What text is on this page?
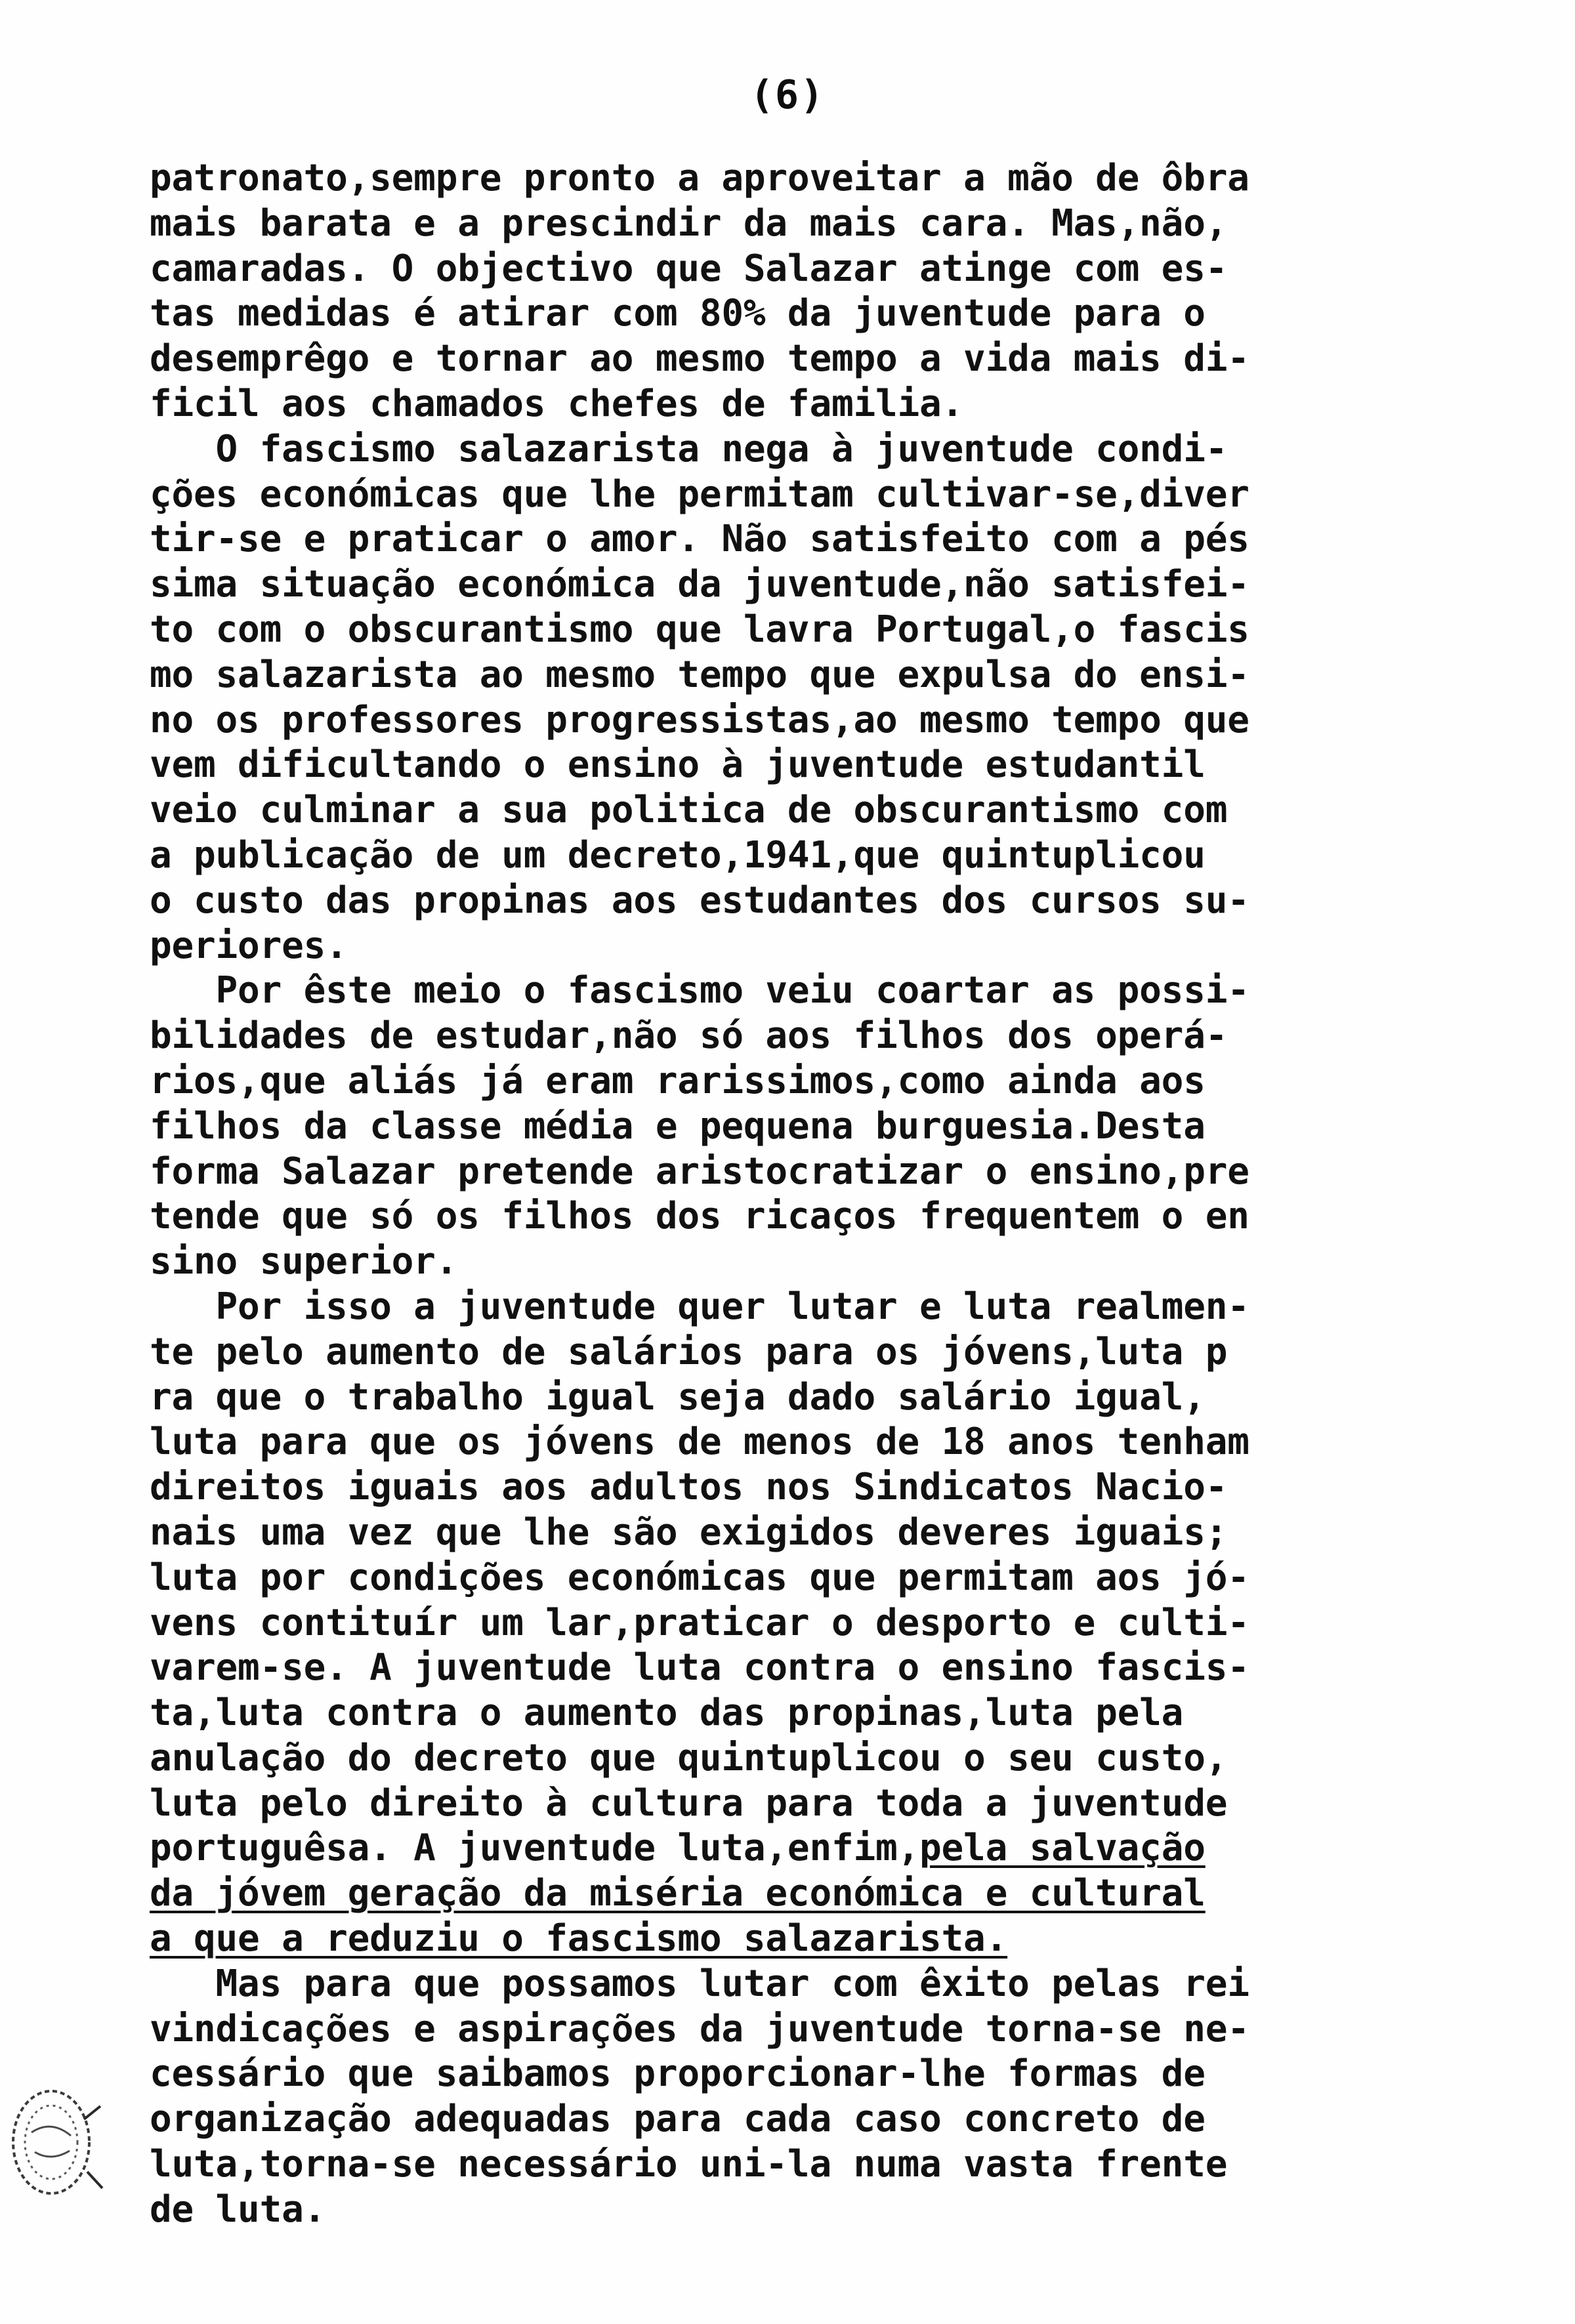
(6)
patronato,sempre pronto a aproveitar a mão de ôbra
mais barata e a prescindir da mais cara. Mas,não,
camaradas. O objectivo que Salazar atinge com es-
tas medidas é atirar com 80% da juventude para o
desemprêgo e tornar ao mesmo tempo a vida mais di-
ficil aos chamados chefes de familia.
O fascismo salazarista nega à juventude condi-
ções económicas que lhe permitam cultivar-se,diver
tir-se e praticar o amor. Não satisfeito com a pés
sima situação económica da juventude,não satisfei-
to com o obscurantismo que lavra Portugal,o fascis
mo salazarista ao mesmo tempo que expulsa do ensi-
no os professores progressistas,ao mesmo tempo que
vem dificultando o ensino à juventude estudantil
veio culminar a sua politica de obscurantismo com
a publicação de um decreto,1941,que quintuplicou
o custo das propinas aos estudantes dos cursos su-
periores.
Por êste meio o fascismo veiu coartar as possi-
bilidades de estudar,não só aos filhos dos operá-
rios,que aliás já eram rarissimos,como ainda aos
filhos da classe média e pequena burguesia.Desta
forma Salazar pretende aristocratizar o ensino,pre
tende que só os filhos dos ricaços frequentem o en
sino superior.
Por isso a juventude quer lutar e luta realmen-
te pelo aumento de salários para os jóvens,luta p
ra que o trabalho igual seja dado salário igual,
luta para que os jóvens de menos de 18 anos tenham
direitos iguais aos adultos nos Sindicatos Nacio-
nais uma vez que lhe são exigidos deveres iguais;
luta por condições económicas que permitam aos jó-
vens contituír um lar,praticar o desporto e culti-
varem-se. A juventude luta contra o ensino fascis-
ta,luta contra o aumento das propinas,luta pela
anulação do decreto que quintuplicou o seu custo,
luta pelo direito à cultura para toda a juventude
portuguêsa. A juventude luta,enfim,pela salvação
da jóvem geração da miséria económica e cultural
a que a reduziu o fascismo salazarista.
Mas para que possamos lutar com êxito pelas rei
vindicações e aspirações da juventude torna-se ne-
cessário que saibamos proporcionar-lhe formas de
organização adequadas para cada caso concreto de
luta,torna-se necessário uni-la numa vasta frente
de luta.
